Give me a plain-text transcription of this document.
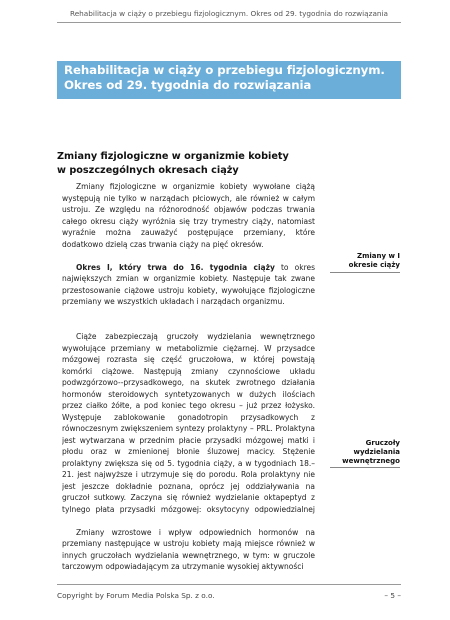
Rehabilitacja w ciąży o przebiegu fizjologicznym. Okres od 29. tygodnia do rozwiązania
Rehabilitacja w ciąży o przebiegu fizjologicznym.
Okres od 29. tygodnia do rozwiązania
Zmiany fizjologiczne w organizmie kobiety
w poszczególnych okresach ciąży

Zmiany fizjologiczne w organizmie kobiety wywołane ciążą występują nie tylko w narządach płciowych, ale również w całym ustroju. Ze względu na różnorodność objawów podczas trwania całego okresu ciąży wyróżnia się trzy trymestry ciąży, natomiast wyraźnie można zauważyć postępujące przemiany, które dodatkowo dzielą czas trwania ciąży na pięć okresów.

Okres I, który trwa do 16. tygodnia ciąży to okres największych zmian w organizmie kobiety. Następuje tak zwane przestosowanie ciążowe ustroju kobiety, wywołujące fizjologiczne przemiany we wszystkich układach i narządach organizmu.

Ciąże zabezpieczają gruczoły wydzielania wewnętrznego wywołujące przemiany w metabolizmie ciężarnej. W przysadce mózgowej rozrasta się część gruczołowa, w której powstają komórki ciążowe. Następują zmiany czynnościowe układu podwzgórzowo--przysadkowego, na skutek zwrotnego działania hormonów steroidowych syntetyzowanych w dużych ilościach przez ciałko żółte, a pod koniec tego okresu – już przez łożysko. Występuje zablokowanie gonadotropin przysadkowych z równoczesnym zwiększeniem syntezy prolaktyny – PRL. Prolaktyna jest wytwarzana w przednim płacie przysadki mózgowej matki i płodu oraz w zmienionej błonie śluzowej macicy. Stężenie prolaktyny zwiększa się od 5. tygodnia ciąży, a w tygodniach 18.–21. jest najwyższe i utrzymuje się do porodu. Rola prolaktyny nie jest jeszcze dokładnie poznana, oprócz jej oddziaływania na gruczoł sutkowy. Zaczyna się również wydzielanie oktapeptyd z tylnego płata przysadki mózgowej: oksytocyny odpowiedzialnej

Zmiany wzrostowe i wpływ odpowiednich hormonów na przemiany następujące w ustroju kobiety mają miejsce również w innych gruczołach wydzielania wewnętrznego, w tym: w gruczole tarczowym odpowiadającym za utrzymanie wysokiej aktywności

Zmiany w I okresie ciąży
Gruczoły wydzielania wewnętrznego
Copyright by Forum Media Polska Sp. z o.o.	– 5 –
